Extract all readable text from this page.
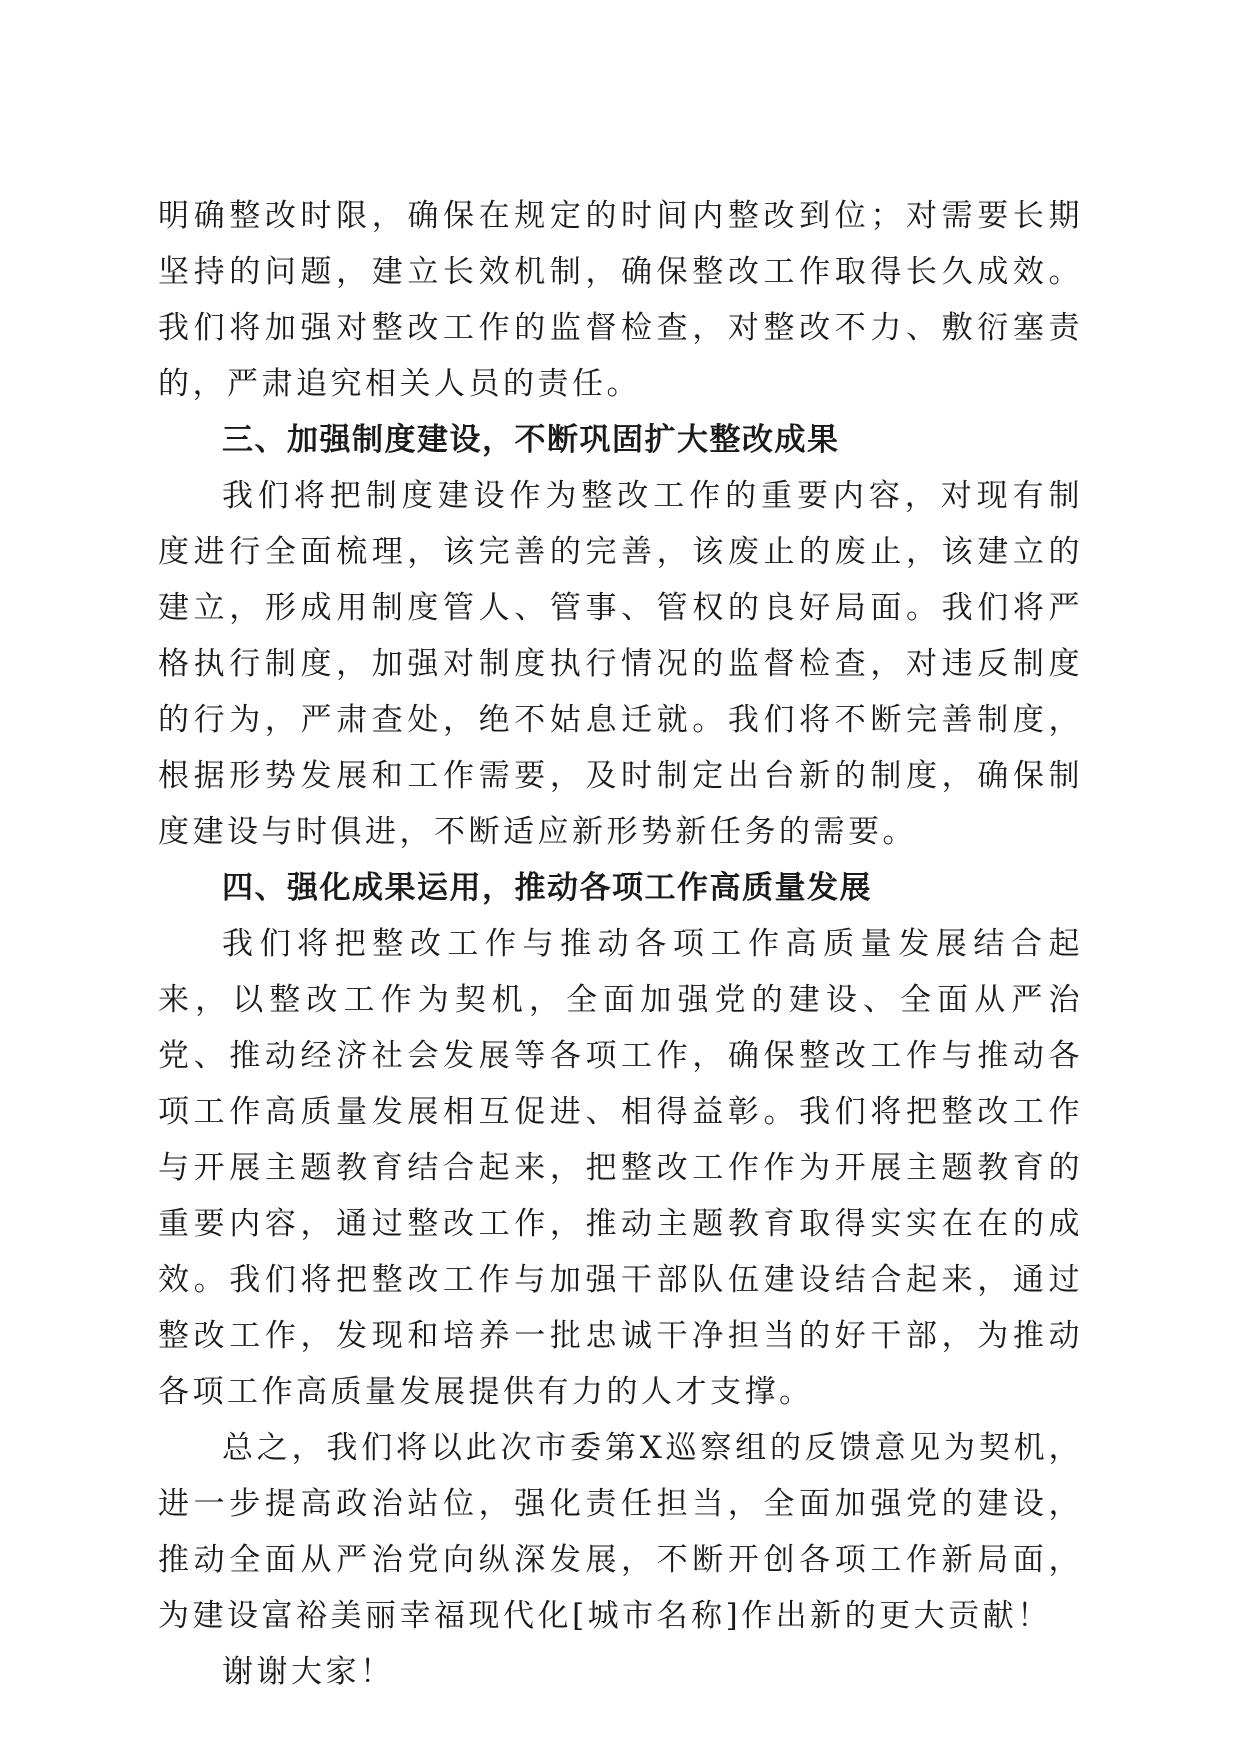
明确整改时限，确保在规定的时间内整改到位；对需要长期坚持的问题，建立长效机制，确保整改工作取得长久成效。我们将加强对整改工作的监督检查，对整改不力、敷衍塞责的，严肃追究相关人员的责任。

三、加强制度建设，不断巩固扩大整改成果

我们将把制度建设作为整改工作的重要内容，对现有制度进行全面梳理，该完善的完善，该废止的废止，该建立的建立，形成用制度管人、管事、管权的良好局面。我们将严格执行制度，加强对制度执行情况的监督检查，对违反制度的行为，严肃查处，绝不姑息迁就。我们将不断完善制度，根据形势发展和工作需要，及时制定出台新的制度，确保制度建设与时俱进，不断适应新形势新任务的需要。

四、强化成果运用，推动各项工作高质量发展

我们将把整改工作与推动各项工作高质量发展结合起来，以整改工作为契机，全面加强党的建设、全面从严治党、推动经济社会发展等各项工作，确保整改工作与推动各项工作高质量发展相互促进、相得益彰。我们将把整改工作与开展主题教育结合起来，把整改工作作为开展主题教育的重要内容，通过整改工作，推动主题教育取得实实在在的成效。我们将把整改工作与加强干部队伍建设结合起来，通过整改工作，发现和培养一批忠诚干净担当的好干部，为推动各项工作高质量发展提供有力的人才支撑。

总之，我们将以此次市委第X巡察组的反馈意见为契机，进一步提高政治站位，强化责任担当，全面加强党的建设，推动全面从严治党向纵深发展，不断开创各项工作新局面，为建设富裕美丽幸福现代化[城市名称]作出新的更大贡献！

谢谢大家！
